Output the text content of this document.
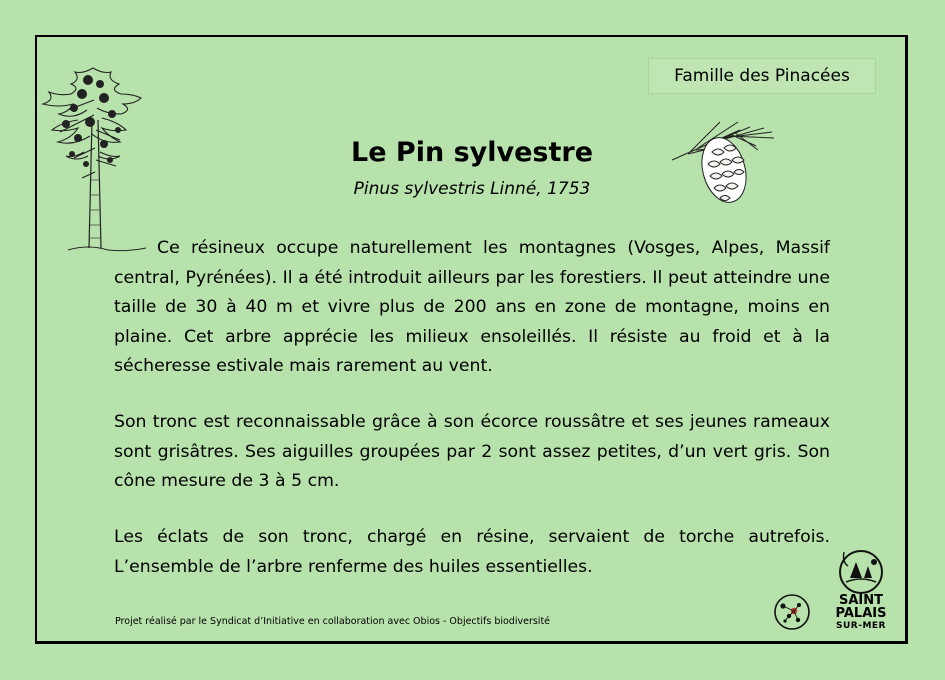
Famille des Pinacées
Le Pin sylvestre

Pinus sylvestris Linné, 1753

Ce résineux occupe naturellement les montagnes (Vosges, Alpes, Massif central, Pyrénées). Il a été introduit ailleurs par les forestiers. Il peut atteindre une taille de 30 à 40 m et vivre plus de 200 ans en zone de montagne, moins en plaine. Cet arbre apprécie les milieux ensoleillés. Il résiste au froid et à la sécheresse estivale mais rarement au vent.

Son tronc est reconnaissable grâce à son écorce roussâtre et ses jeunes rameaux sont grisâtres. Ses aiguilles groupées par 2 sont assez petites, d’un vert gris. Son cône mesure de 3 à 5 cm.

Les éclats de son tronc, chargé en résine, servaient de torche autrefois. L’ensemble de l’arbre renferme des huiles essentielles.

Projet réalisé par le Syndicat d’Initiative en collaboration avec Obios - Objectifs biodiversité

SAINT
PALAIS
SUR-MER
